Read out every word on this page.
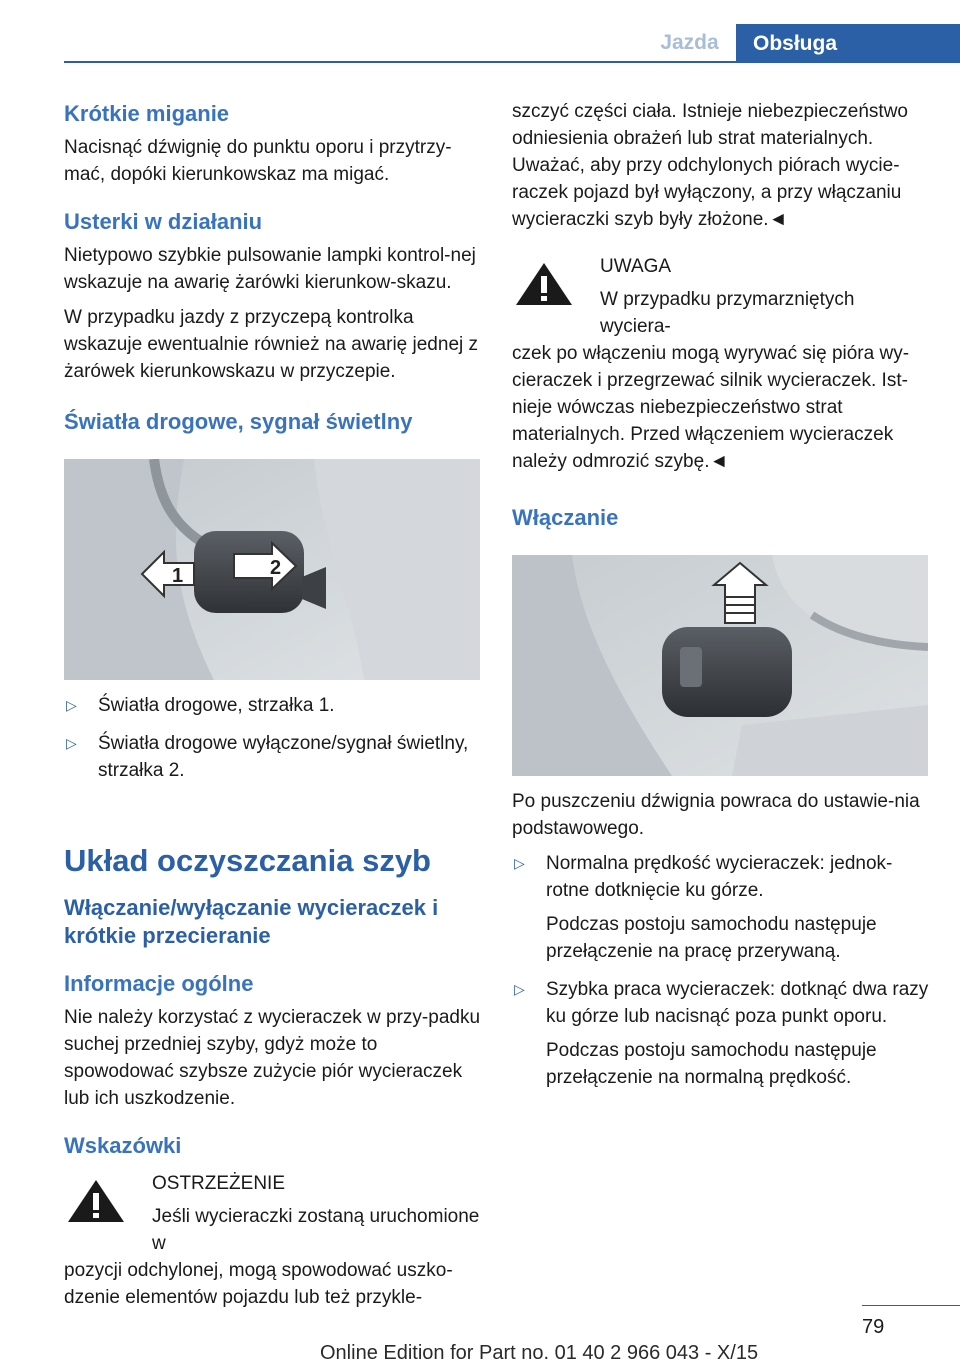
Jazda	Obsługa
Krótkie miganie

Nacisnąć dźwignię do punktu oporu i przytrzy-mać, dopóki kierunkowskaz ma migać.

Usterki w działaniu

Nietypowo szybkie pulsowanie lampki kontrol-nej wskazuje na awarię żarówki kierunkow-skazu.

W przypadku jazdy z przyczepą kontrolka wskazuje ewentualnie również na awarię jednej z żarówek kierunkowskazu w przyczepie.

Światła drogowe, sygnał świetlny
1	2
▷ Światła drogowe, strzałka 1.
▷ Światła drogowe wyłączone/sygnał świetlny, strzałka 2.
Układ oczyszczania szyb
Włączanie/wyłączanie wycieraczek i krótkie przecieranie
Informacje ogólne

Nie należy korzystać z wycieraczek w przy-padku suchej przedniej szyby, gdyż może to spowodować szybsze zużycie piór wycieraczek lub ich uszkodzenie.

Wskazówki
OSTRZEŻENIE
Jeśli wycieraczki zostaną uruchomione w

pozycji odchylonej, mogą spowodować uszko-dzenie elementów pojazdu lub też przykle-

szczyć części ciała. Istnieje niebezpieczeństwo odniesienia obrażeń lub strat materialnych. Uważać, aby przy odchylonych piórach wycie-raczek pojazd był wyłączony, a przy włączaniu wycieraczki szyb były złożone.◄

UWAGA
W przypadku przymarzniętych wyciera-

czek po włączeniu mogą wyrywać się pióra wy-cieraczek i przegrzewać silnik wycieraczek. Ist-nieje wówczas niebezpieczeństwo strat materialnych. Przed włączeniem wycieraczek należy odmrozić szybę.◄

Włączanie

Po puszczeniu dźwignia powraca do ustawie-nia podstawowego.

▷ Normalna prędkość wycieraczek: jednok-rotne dotknięcie ku górze.

Podczas postoju samochodu następuje przełączenie na pracę przerywaną.

▷ Szybka praca wycieraczek: dotknąć dwa razy ku górze lub nacisnąć poza punkt oporu.

Podczas postoju samochodu następuje przełączenie na normalną prędkość.

79
Online Edition for Part no. 01 40 2 966 043 - X/15
